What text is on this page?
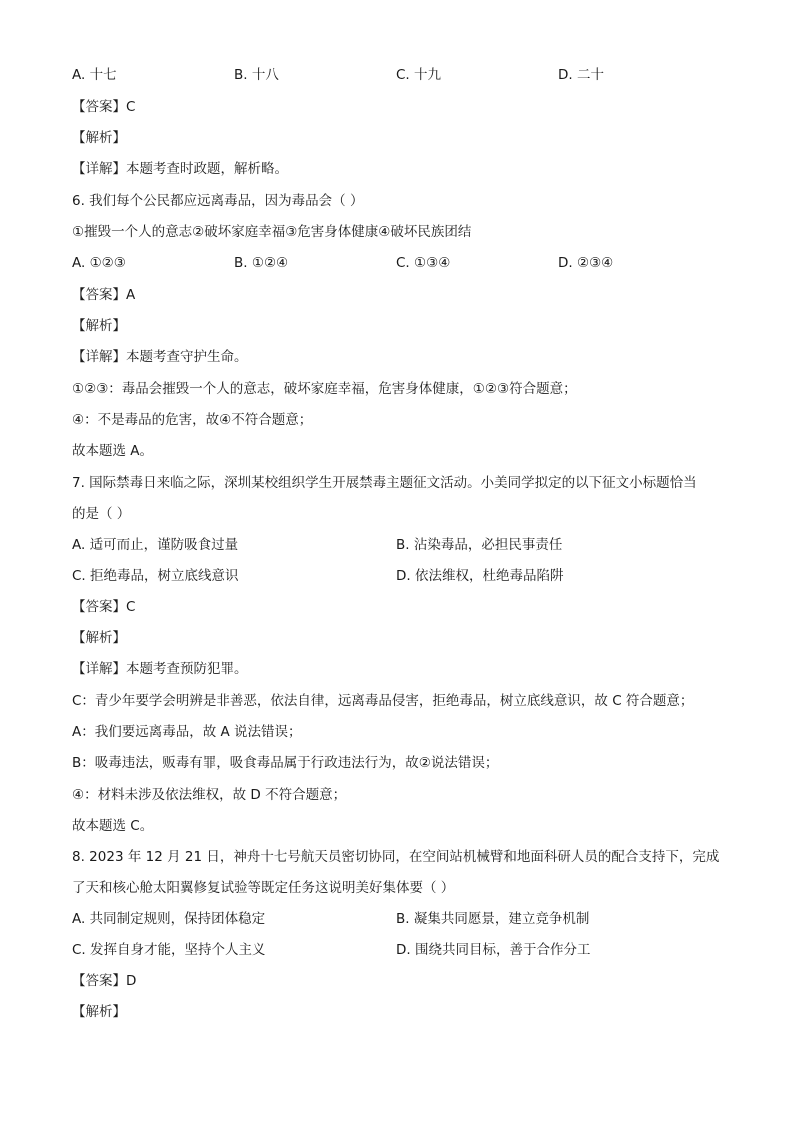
A. 十七	B. 十八	C. 十九	D. 二十
【答案】C
【解析】
【详解】本题考查时政题，解析略。
6. 我们每个公民都应远离毒品，因为毒品会（ ）
①摧毁一个人的意志②破坏家庭幸福③危害身体健康④破坏民族团结
A. ①②③	B. ①②④	C. ①③④	D. ②③④
【答案】A
【解析】
【详解】本题考查守护生命。
①②③：毒品会摧毁一个人的意志，破坏家庭幸福，危害身体健康，①②③符合题意；
④：不是毒品的危害，故④不符合题意；
故本题选 A。
7. 国际禁毒日来临之际，深圳某校组织学生开展禁毒主题征文活动。小美同学拟定的以下征文小标题恰当
的是（ ）
A. 适可而止，谨防吸食过量	B. 沾染毒品，必担民事责任
C. 拒绝毒品，树立底线意识	D. 依法维权，杜绝毒品陷阱
【答案】C
【解析】
【详解】本题考查预防犯罪。
C：青少年要学会明辨是非善恶，依法自律，远离毒品侵害，拒绝毒品，树立底线意识，故 C 符合题意；
A：我们要远离毒品，故 A 说法错误；
B：吸毒违法，贩毒有罪，吸食毒品属于行政违法行为，故②说法错误；
④：材料未涉及依法维权，故 D 不符合题意；
故本题选 C。
8. 2023 年 12 月 21 日，神舟十七号航天员密切协同，在空间站机械臂和地面科研人员的配合支持下，完成
了天和核心舱太阳翼修复试验等既定任务这说明美好集体要（ ）
A. 共同制定规则，保持团体稳定	B. 凝集共同愿景，建立竞争机制
C. 发挥自身才能，坚持个人主义	D. 围绕共同目标，善于合作分工
【答案】D
【解析】
